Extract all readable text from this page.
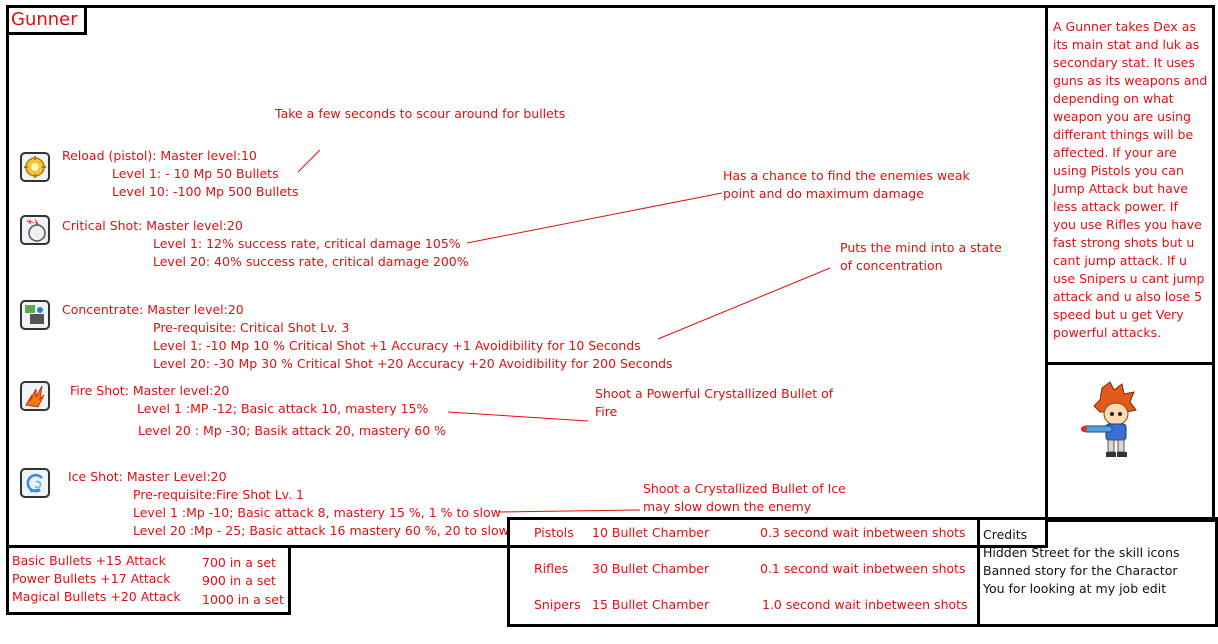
Gunner	A Gunner takes Dex as
its main stat and luk as
secondary stat. It uses
guns as its weapons and
depending on what
weapon you are using
differant things will be
affected. If your are
using Pistols you can
Jump Attack but have
less attack power. If
you use Rifles you have
fast strong shots but u
cant jump attack. If u
use Snipers u cant jump
attack and u also lose 5
speed but u get Very
powerful attacks.
Take a few seconds to scour around for bullets
Reload (pistol): Master level:10
Level 1: - 10 Mp 50 Bullets
Level 10: -100 Mp 500 Bullets
Has a chance to find the enemies weak
point and do maximum damage
Critical Shot: Master level:20
Level 1: 12% success rate, critical damage 105%
Level 20: 40% success rate, critical damage 200%
Puts the mind into a state
of concentration
Concentrate: Master level:20
Pre-requisite: Critical Shot Lv. 3
Level 1: -10 Mp 10 % Critical Shot +1 Accuracy +1 Avoidibility for 10 Seconds
Level 20: -30 Mp 30 % Critical Shot +20 Accuracy +20 Avoidibility for 200 Seconds
Shoot a Powerful Crystallized Bullet of
Fire
Fire Shot: Master level:20
Level 1 :MP -12; Basic attack 10, mastery 15%
Level 20 : Mp -30; Basik attack 20, mastery 60 %
Shoot a Crystallized Bullet of Ice
may slow down the enemy
Ice Shot: Master Level:20
Pre-requisite:Fire Shot Lv. 1
Level 1 :Mp -10; Basic attack 8, mastery 15 %, 1 % to slow
Level 20 :Mp - 25; Basic attack 16 mastery 60 %, 20 to slow
Basic Bullets +15 Attack	700 in a set
Power Bullets +17 Attack	900 in a set
Magical Bullets +20 Attack 1000 in a set
Pistols 10 Bullet Chamber	0.3 second wait inbetween shots
Rifles 30 Bullet Chamber	0.1 second wait inbetween shots
Snipers 15 Bullet Chamber	1.0 second wait inbetween shots
Credits
Hidden Street for the skill icons
Banned story for the Charactor
You for looking at my job edit
